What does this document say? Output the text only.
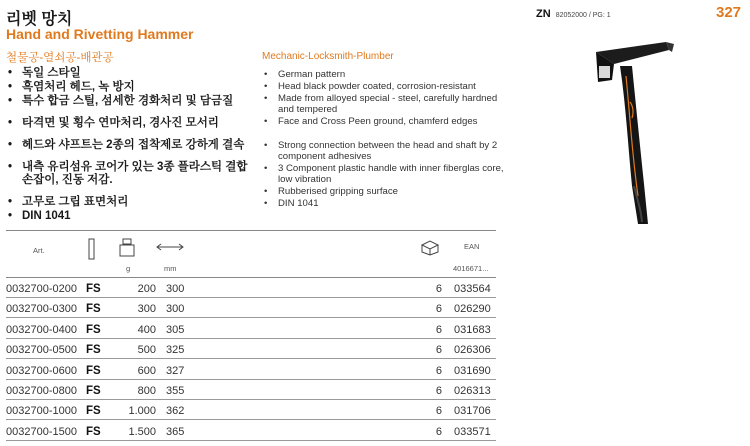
리벳 망치
Hand and Rivetting Hammer
ZN 82052000 / PG: 1	327
철물공-열쇠공-배관공	Mechanic-Locksmith-Plumber
• 독일 스타일
• 흑염처리 헤드, 녹 방지
• 특수 합금 스틸, 섬세한 경화처리 및 담금질
• 타격면 및 횡수 연마처리, 경사진 모서리
• 헤드와 샤프트는 2종의 접착제로 강하게 결속
• 내측 유리섬유 코어가 있는 3종 플라스틱 결합 손잡이, 진동 저감.
• 고무로 그립 표면처리
• DIN 1041
• German pattern
• Head black powder coated, corrosion-resistant
• Made from alloyed special - steel, carefully hardned and tempered
• Face and Cross Peen ground, chamferd edges
• Strong connection between the head and shaft by 2 component adhesives
• 3 Component plastic handle with inner fiberglas core, low vibration
• Rubberised gripping surface
• DIN 1041
Art.	EAN
g	mm	4016671...
0032700-0200 FS	200 300	6 033564
0032700-0300 FS	300 300	6 026290
0032700-0400 FS	400 305	6 031683
0032700-0500 FS	500 325	6 026306
0032700-0600 FS	600 327	6 031690
0032700-0800 FS	800 355	6 026313
0032700-1000 FS	1.000 362	6 031706
0032700-1500 FS	1.500 365	6 033571
